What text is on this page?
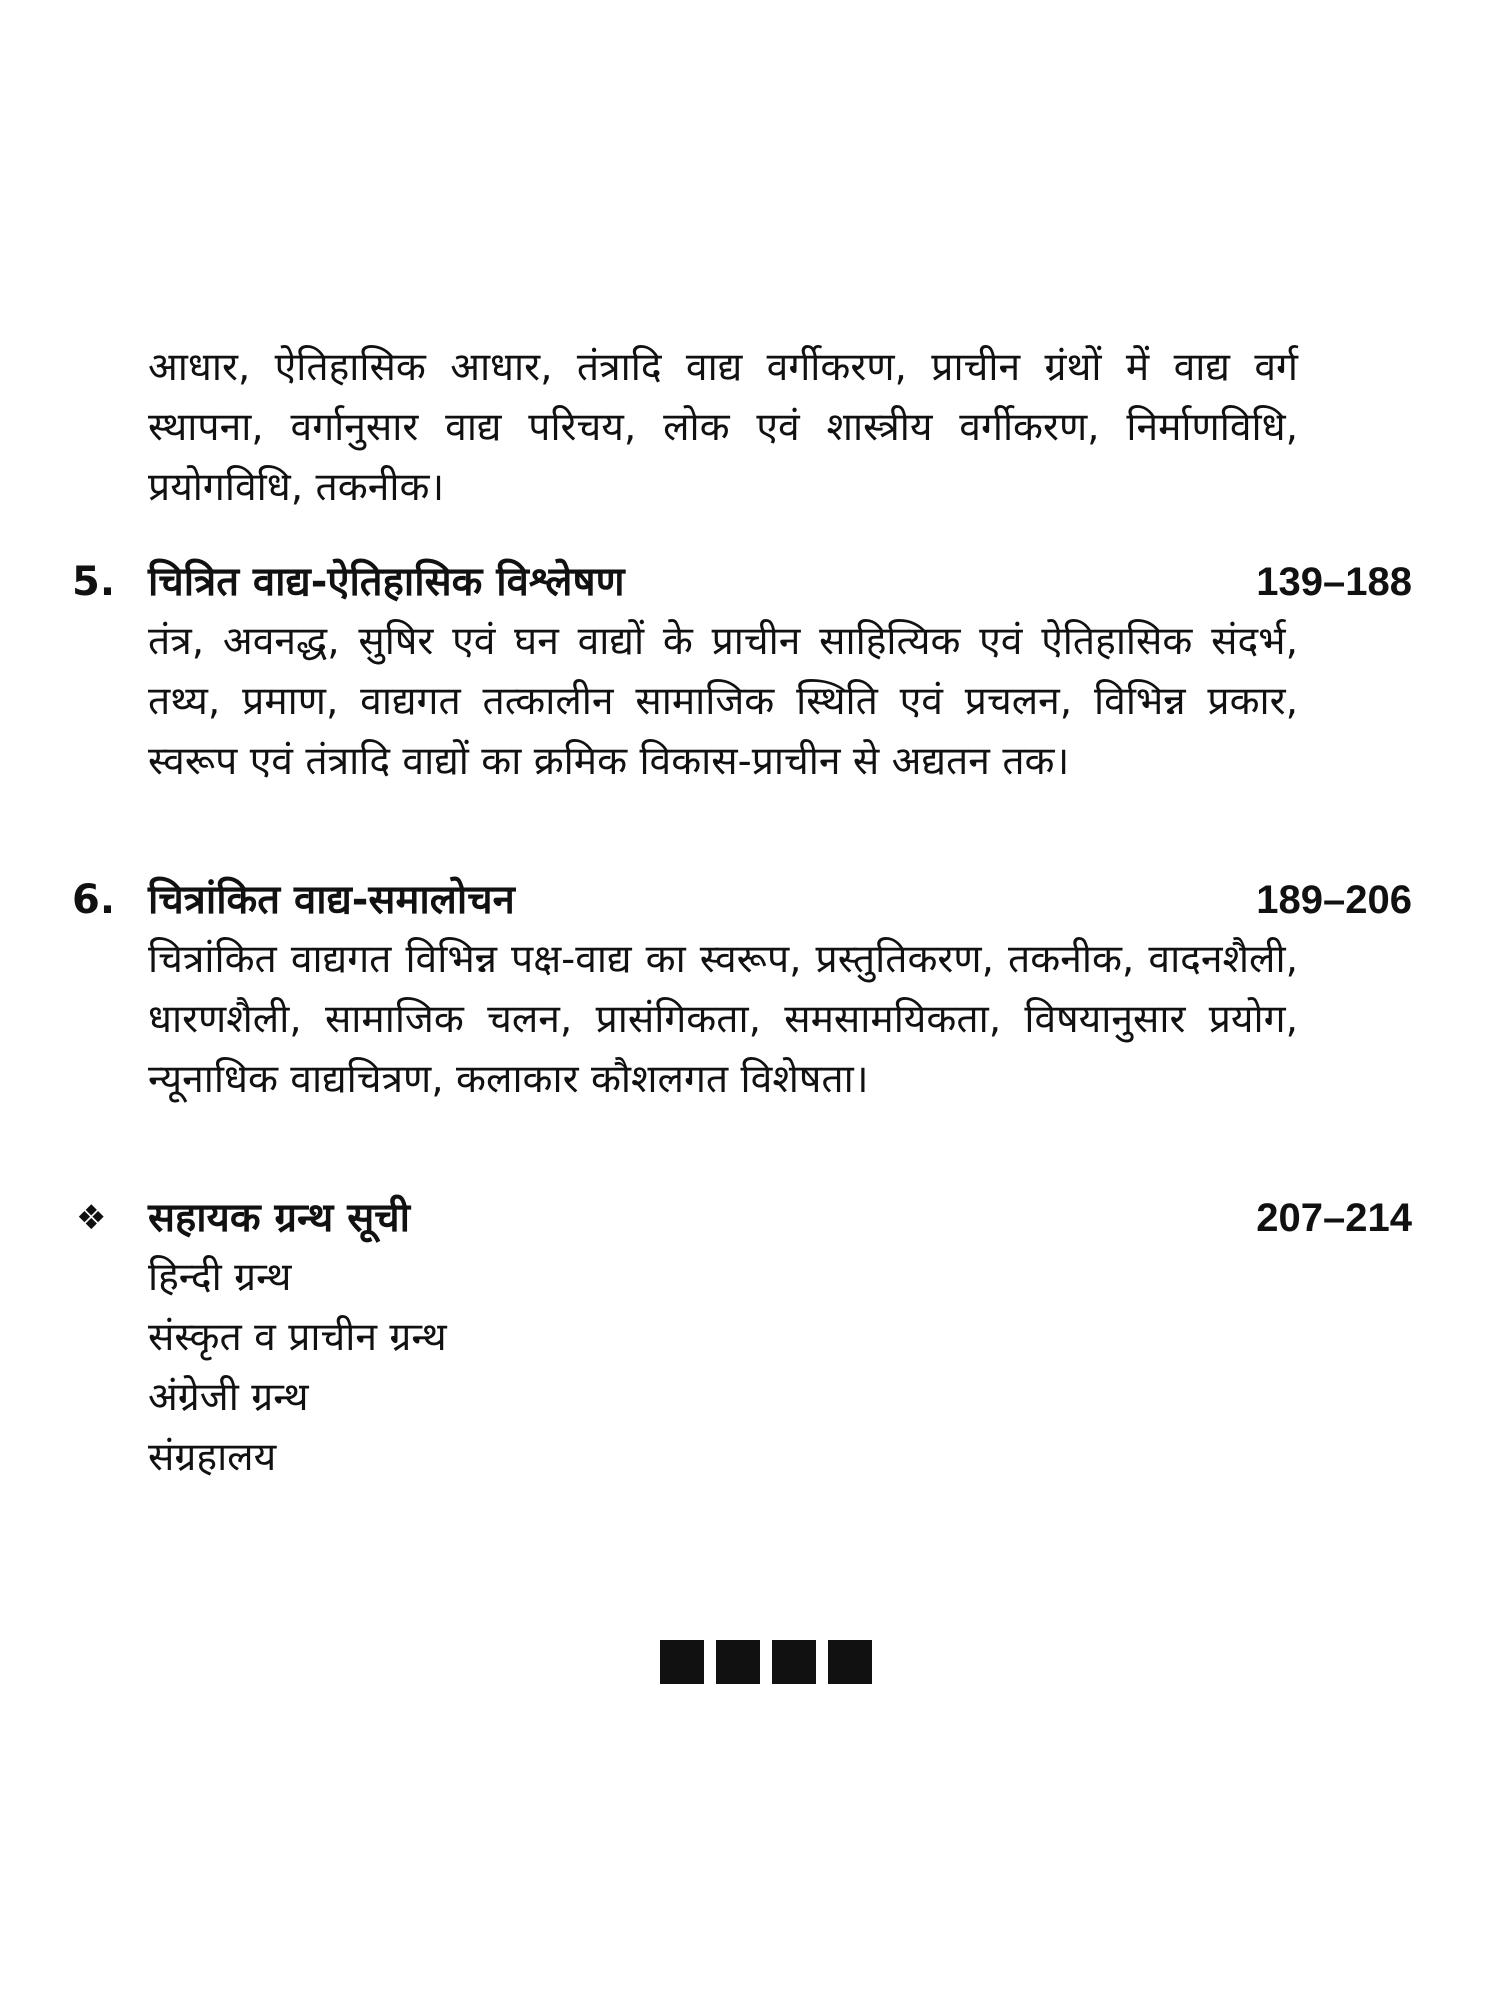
आधार, ऐतिहासिक आधार, तंत्रादि वाद्य वर्गीकरण, प्राचीन ग्रंथों में वाद्य वर्ग स्थापना, वर्गानुसार वाद्य परिचय, लोक एवं शास्त्रीय वर्गीकरण, निर्माणविधि, प्रयोगविधि, तकनीक।

5. चित्रित वाद्य-ऐतिहासिक विश्लेषण	139–188

तंत्र, अवनद्ध, सुषिर एवं घन वाद्यों के प्राचीन साहित्यिक एवं ऐतिहासिक संदर्भ, तथ्य, प्रमाण, वाद्यगत तत्कालीन सामाजिक स्थिति एवं प्रचलन, विभिन्न प्रकार, स्वरूप एवं तंत्रादि वाद्यों का क्रमिक विकास-प्राचीन से अद्यतन तक।

6. चित्रांकित वाद्य-समालोचन	189–206

चित्रांकित वाद्यगत विभिन्न पक्ष-वाद्य का स्वरूप, प्रस्तुतिकरण, तकनीक, वादनशैली, धारणशैली, सामाजिक चलन, प्रासंगिकता, समसामयिकता, विषयानुसार प्रयोग, न्यूनाधिक वाद्यचित्रण, कलाकार कौशलगत विशेषता।

❖ सहायक ग्रन्थ सूची	207–214
हिन्दी ग्रन्थ
संस्कृत व प्राचीन ग्रन्थ
अंग्रेजी ग्रन्थ
संग्रहालय
